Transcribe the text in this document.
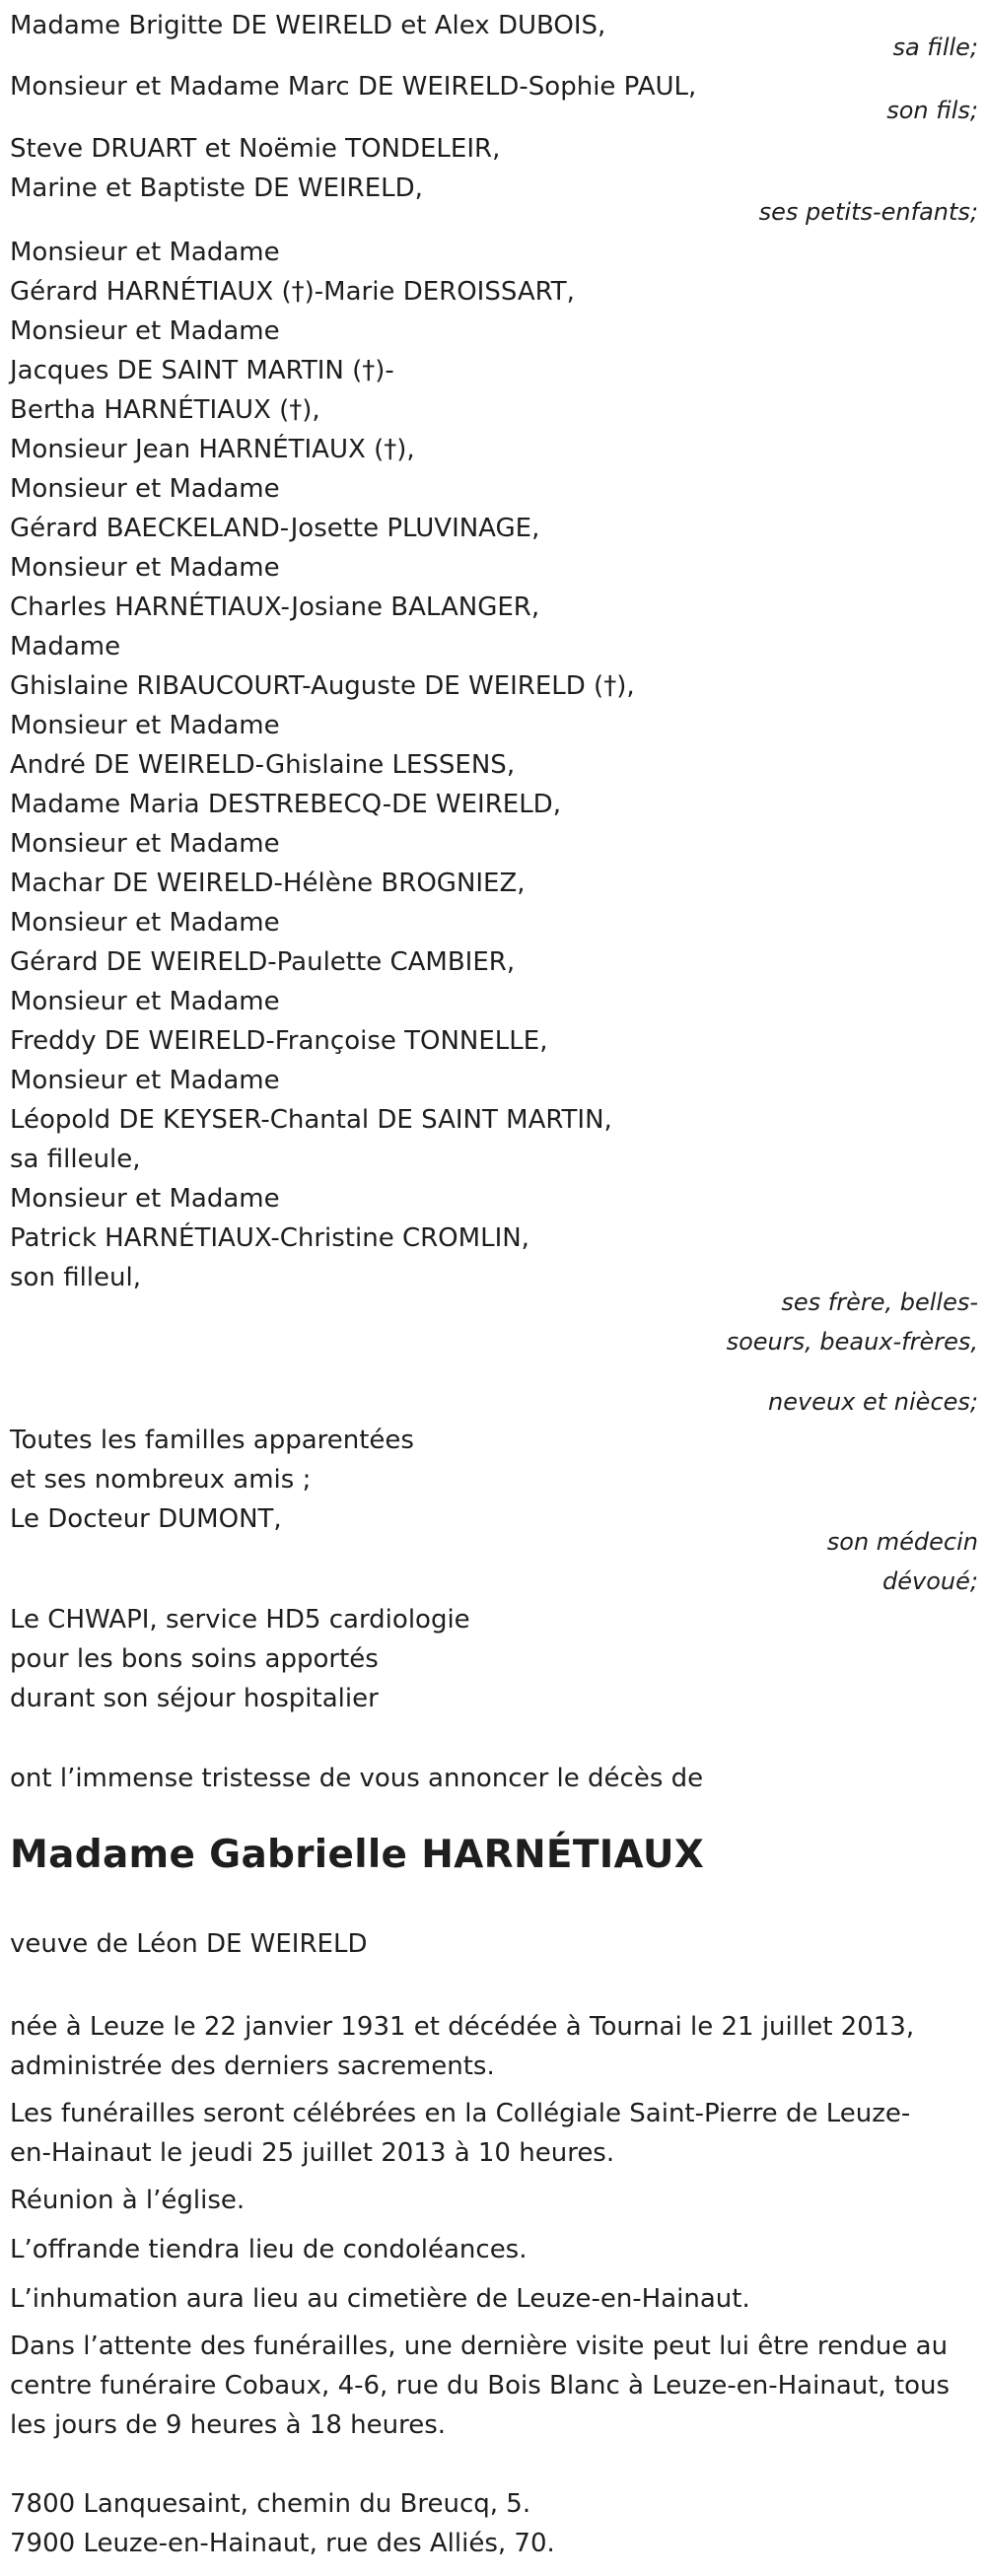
Madame Brigitte DE WEIRELD et Alex DUBOIS,
Monsieur et Madame Marc DE WEIRELD-Sophie PAUL,
Steve DRUART et Noëmie TONDELEIR,
Marine et Baptiste DE WEIRELD,
Monsieur et Madame
Gérard HARNÉTIAUX (†)-Marie DEROISSART,
Monsieur et Madame
Jacques DE SAINT MARTIN (†)-
Bertha HARNÉTIAUX (†),
Monsieur Jean HARNÉTIAUX (†),
Monsieur et Madame
Gérard BAECKELAND-Josette PLUVINAGE,
Monsieur et Madame
Charles HARNÉTIAUX-Josiane BALANGER,
Madame
Ghislaine RIBAUCOURT-Auguste DE WEIRELD (†),
Monsieur et Madame
André DE WEIRELD-Ghislaine LESSENS,
Madame Maria DESTREBECQ-DE WEIRELD,
Monsieur et Madame
Machar DE WEIRELD-Hélène BROGNIEZ,
Monsieur et Madame
Gérard DE WEIRELD-Paulette CAMBIER,
Monsieur et Madame
Freddy DE WEIRELD-Françoise TONNELLE,
Monsieur et Madame
Léopold DE KEYSER-Chantal DE SAINT MARTIN,
sa filleule,
Monsieur et Madame
Patrick HARNÉTIAUX-Christine CROMLIN,
son filleul,
Toutes les familles apparentées
et ses nombreux amis ;
Le Docteur DUMONT,
Le CHWAPI, service HD5 cardiologie
pour les bons soins apportés
durant son séjour hospitalier
ont l’immense tristesse de vous annoncer le décès de
sa fille;
son fils;
ses petits-enfants;
ses frère, belles-soeurs, beaux-frères,
neveux et nièces;
son médecin dévoué;
Madame Gabrielle HARNÉTIAUX
veuve de Léon DE WEIRELD
née à Leuze le 22 janvier 1931 et décédée à Tournai le 21 juillet 2013,
administrée des derniers sacrements.
Les funérailles seront célébrées en la Collégiale Saint-Pierre de Leuze-
en-Hainaut le jeudi 25 juillet 2013 à 10 heures.
Réunion à l’église.
L’offrande tiendra lieu de condoléances.
L’inhumation aura lieu au cimetière de Leuze-en-Hainaut.
Dans l’attente des funérailles, une dernière visite peut lui être rendue au
centre funéraire Cobaux, 4-6, rue du Bois Blanc à Leuze-en-Hainaut, tous
les jours de 9 heures à 18 heures.
7800 Lanquesaint, chemin du Breucq, 5.
7900 Leuze-en-Hainaut, rue des Alliés, 70.
